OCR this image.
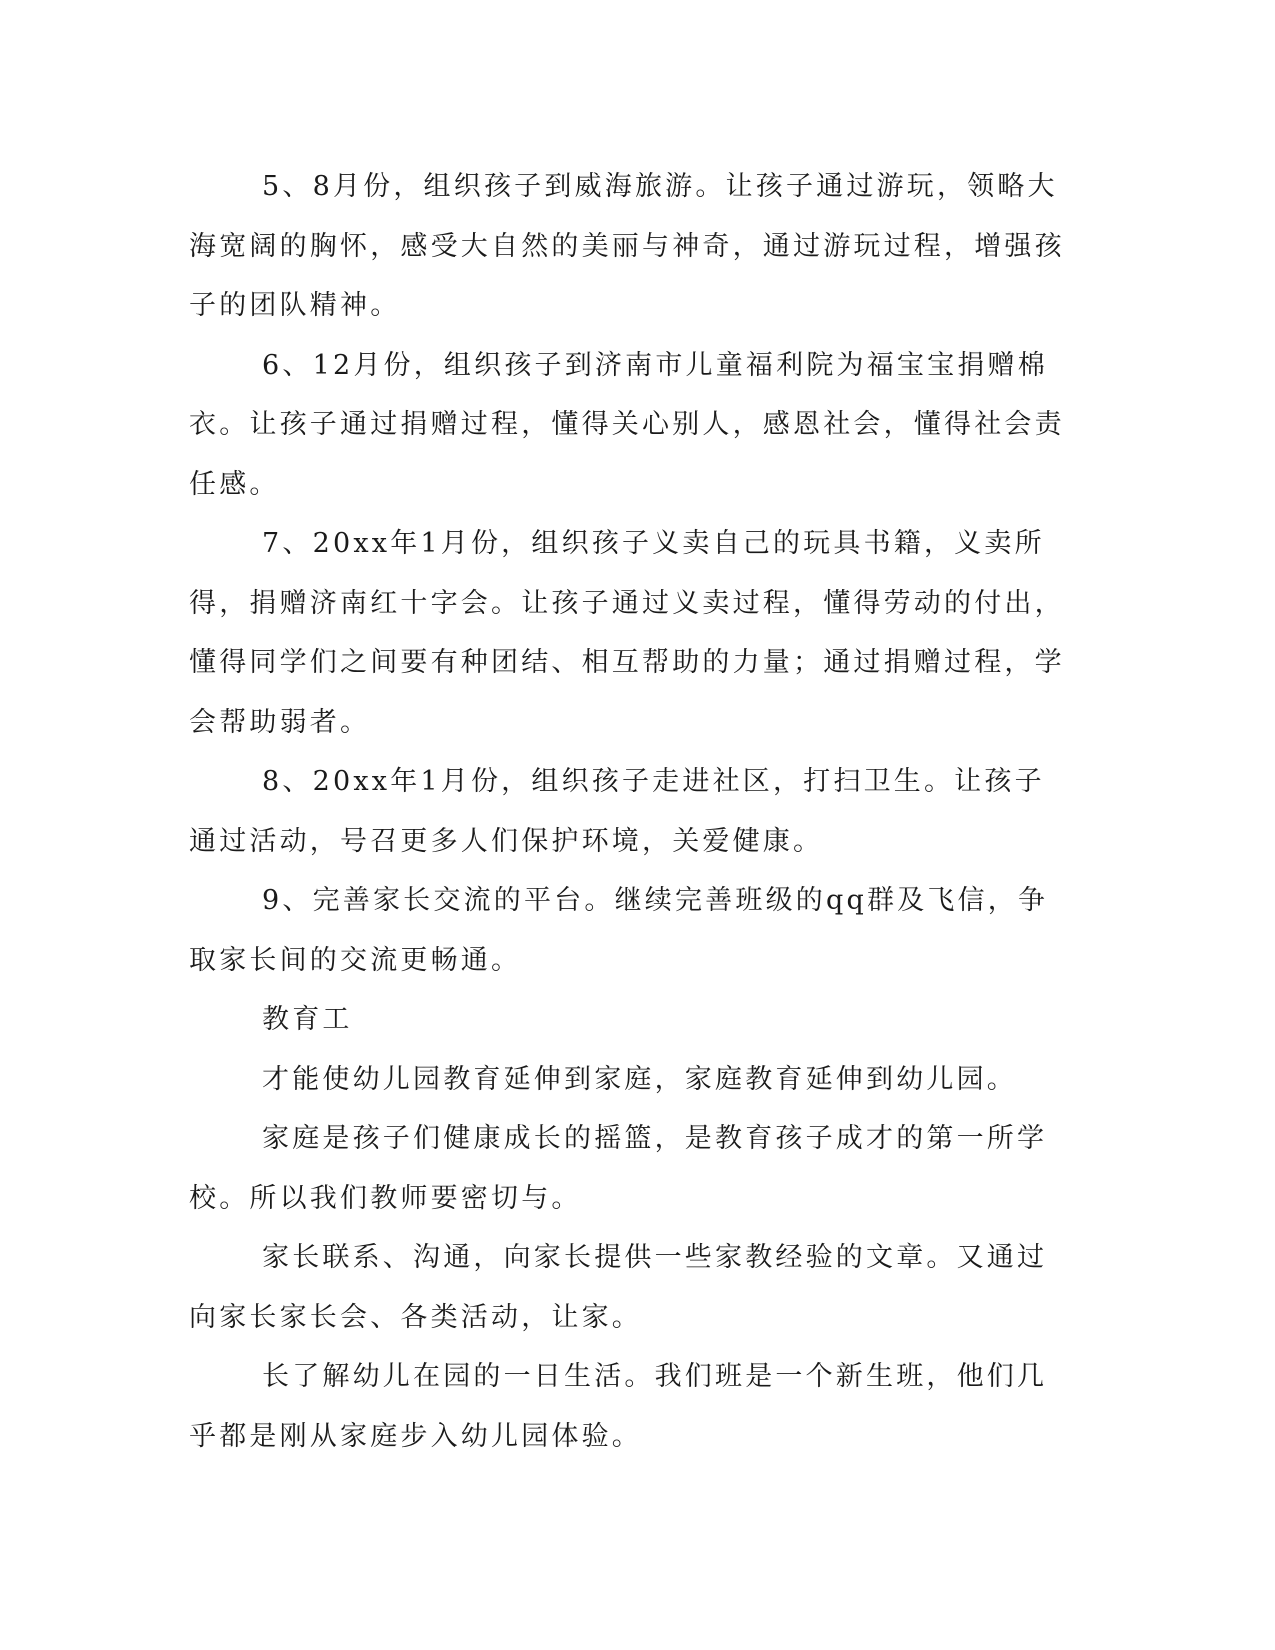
5、8月份，组织孩子到威海旅游。让孩子通过游玩，领略大海宽阔的胸怀，感受大自然的美丽与神奇，通过游玩过程，增强孩子的团队精神。

6、12月份，组织孩子到济南市儿童福利院为福宝宝捐赠棉衣。让孩子通过捐赠过程，懂得关心别人，感恩社会，懂得社会责任感。

7、20xx年1月份，组织孩子义卖自己的玩具书籍，义卖所得，捐赠济南红十字会。让孩子通过义卖过程，懂得劳动的付出，懂得同学们之间要有种团结、相互帮助的力量；通过捐赠过程，学会帮助弱者。

8、20xx年1月份，组织孩子走进社区，打扫卫生。让孩子通过活动，号召更多人们保护环境，关爱健康。

9、完善家长交流的平台。继续完善班级的qq群及飞信，争取家长间的交流更畅通。

教育工

才能使幼儿园教育延伸到家庭，家庭教育延伸到幼儿园。

家庭是孩子们健康成长的摇篮，是教育孩子成才的第一所学校。所以我们教师要密切与。

家长联系、沟通，向家长提供一些家教经验的文章。又通过向家长家长会、各类活动，让家。

长了解幼儿在园的一日生活。我们班是一个新生班，他们几乎都是刚从家庭步入幼儿园体验。
